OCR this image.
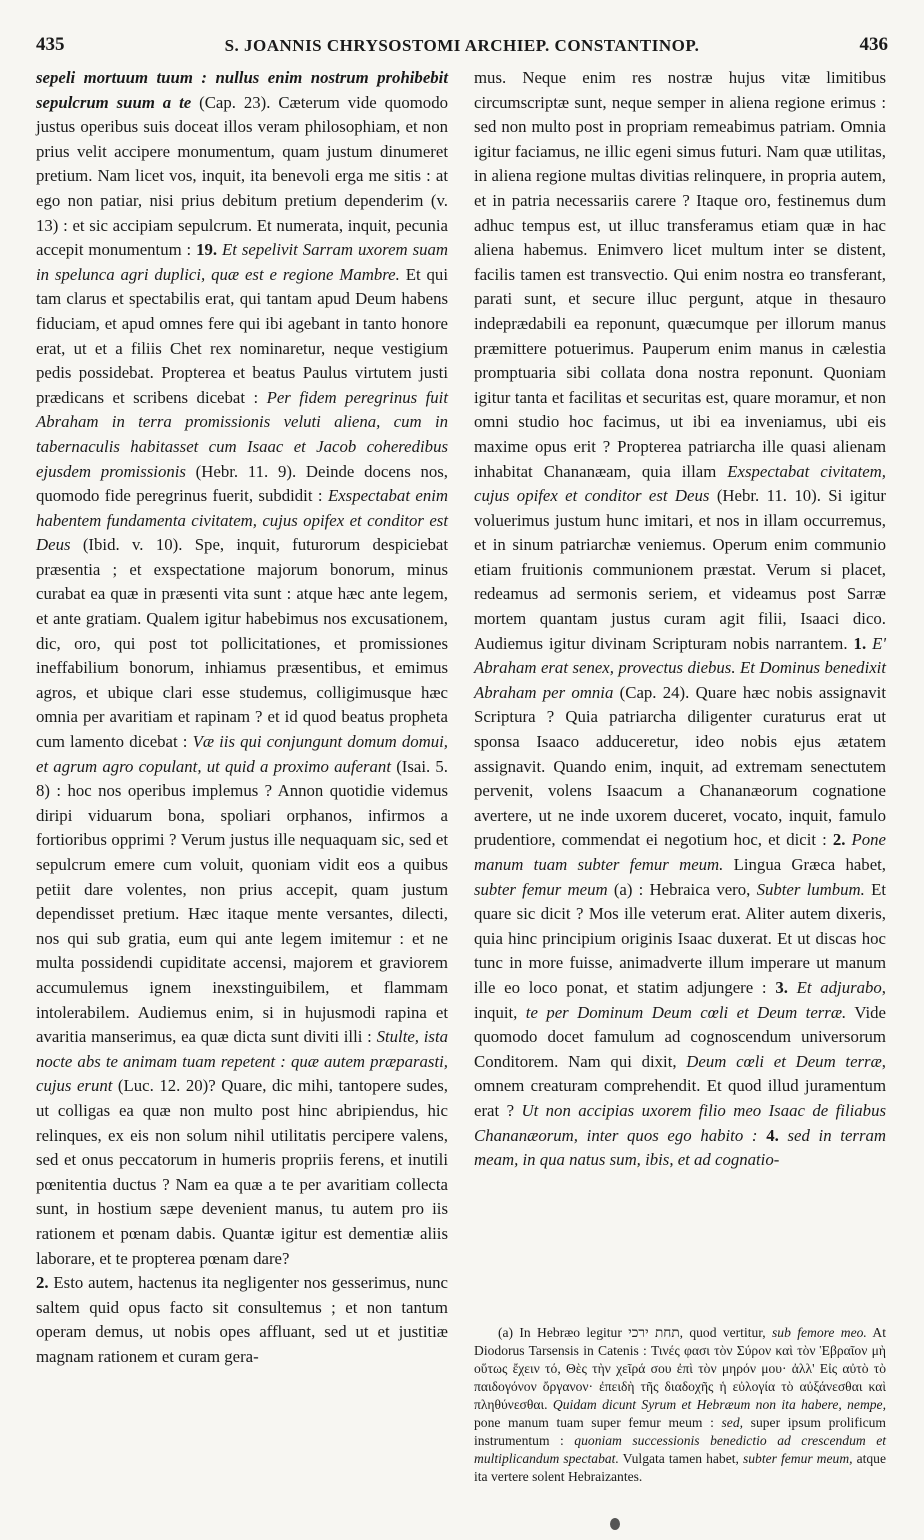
435	S. JOANNIS CHRYSOSTOMI ARCHIEP. CONSTANTINOP.	436

sepeli mortuum tuum : nullus enim nostrum prohibebit sepulcrum suum a te (Cap. 23). Cæterum vide quomodo justus operibus suis doceat illos veram philosophiam, et non prius velit accipere monumentum, quam justum dinumeret pretium. Nam licet vos, inquit, ita benevoli erga me sitis : at ego non patiar, nisi prius debitum pretium dependerim (v. 13) : et sic accipiam sepulcrum. Et numerata, inquit, pecunia accepit monumentum : 19. Et sepelivit Sarram uxorem suam in spelunca agri duplici, quæ est e regione Mambre. Et qui tam clarus et spectabilis erat, qui tantam apud Deum habens fiduciam, et apud omnes fere qui ibi agebant in tanto honore erat, ut et a filiis Chet rex nominaretur, neque vestigium pedis possidebat. Propterea et beatus Paulus virtutem justi prædicans et scribens dicebat : Per fidem peregrinus fuit Abraham in terra promissionis veluti aliena, cum in tabernaculis habitasset cum Isaac et Jacob coheredibus ejusdem promissionis (Hebr. 11. 9). Deinde docens nos, quomodo fide peregrinus fuerit, subdidit : Exspectabat enim habentem fundamenta civitatem, cujus opifex et conditor est Deus (Ibid. v. 10). Spe, inquit, futurorum despiciebat præsentia ; et exspectatione majorum bonorum, minus curabat ea quæ in præsenti vita sunt : atque hæc ante legem, et ante gratiam. Qualem igitur habebimus nos excusationem, dic, oro, qui post tot pollicitationes, et promissiones ineffabilium bonorum, inhiamus præsentibus, et emimus agros, et ubique clari esse studemus, colligimusque hæc omnia per avaritiam et rapinam ? et id quod beatus propheta cum lamento dicebat : Væ iis qui conjungunt domum domui, et agrum agro copulant, ut quid a proximo auferant (Isai. 5. 8) : hoc nos operibus implemus ? Annon quotidie videmus diripi viduarum bona, spoliari orphanos, infirmos a fortioribus opprimi ? Verum justus ille nequaquam sic, sed et sepulcrum emere cum voluit, quoniam vidit eos a quibus petiit dare volentes, non prius accepit, quam justum dependisset pretium. Hæc itaque mente versantes, dilecti, nos qui sub gratia, eum qui ante legem imitemur : et ne multa possidendi cupiditate accensi, majorem et graviorem accumulemus ignem inexstinguibilem, et flammam intolerabilem. Audiemus enim, si in hujusmodi rapina et avaritia manserimus, ea quæ dicta sunt diviti illi : Stulte, ista nocte abs te animam tuam repetent : quæ autem præparasti, cujus erunt (Luc. 12. 20)? Quare, dic mihi, tantopere sudes, ut colligas ea quæ non multo post hinc abripiendus, hic relinques, ex eis non solum nihil utilitatis percipere valens, sed et onus peccatorum in humeris propriis ferens, et inutili pœnitentia ductus ? Nam ea quæ a te per avaritiam collecta sunt, in hostium sæpe devenient manus, tu autem pro iis rationem et pœnam dabis. Quantæ igitur est dementiæ aliis laborare, et te propterea pœnam dare?

2. Esto autem, hactenus ita negligenter nos gesserimus, nunc saltem quid opus facto sit consultemus ; et non tantum operam demus, ut nobis opes affluant, sed ut et justitiæ magnam rationem et curam gera-

mus. Neque enim res nostræ hujus vitæ limitibus circumscriptæ sunt, neque semper in aliena regione erimus : sed non multo post in propriam remeabimus patriam. Omnia igitur faciamus, ne illic egeni simus futuri. Nam quæ utilitas, in aliena regione multas divitias relinquere, in propria autem, et in patria necessariis carere ? Itaque oro, festinemus dum adhuc tempus est, ut illuc transferamus etiam quæ in hac aliena habemus. Enimvero licet multum inter se distent, facilis tamen est transvectio. Qui enim nostra eo transferant, parati sunt, et secure illuc pergunt, atque in thesauro indeprædabili ea reponunt, quæcumque per illorum manus præmittere potuerimus. Pauperum enim manus in cælestia promptuaria sibi collata dona nostra reponunt. Quoniam igitur tanta et facilitas et securitas est, quare moramur, et non omni studio hoc facimus, ut ibi ea inveniamus, ubi eis maxime opus erit ? Propterea patriarcha ille quasi alienam inhabitat Chananæam, quia illam Exspectabat civitatem, cujus opifex et conditor est Deus (Hebr. 11. 10). Si igitur voluerimus justum hunc imitari, et nos in illam occurremus, et in sinum patriarchæ veniemus. Operum enim communio etiam fruitionis communionem præstat. Verum si placet, redeamus ad sermonis seriem, et videamus post Sarræ mortem quantam justus curam agit filii, Isaaci dico. Audiemus igitur divinam Scripturam nobis narrantem. 1. E' Abraham erat senex, provectus diebus. Et Dominus benedixit Abraham per omnia (Cap. 24). Quare hæc nobis assignavit Scriptura ? Quia patriarcha diligenter curaturus erat ut sponsa Isaaco adduceretur, ideo nobis ejus ætatem assignavit. Quando enim, inquit, ad extremam senectutem pervenit, volens Isaacum a Chananæorum cognatione avertere, ut ne inde uxorem duceret, vocato, inquit, famulo prudentiore, commendat ei negotium hoc, et dicit : 2. Pone manum tuam subter femur meum. Lingua Græca habet, subter femur meum (a) : Hebraica vero, Subter lumbum. Et quare sic dicit ? Mos ille veterum erat. Aliter autem dixeris, quia hinc principium originis Isaac duxerat. Et ut discas hoc tunc in more fuisse, animadverte illum imperare ut manum ille eo loco ponat, et statim adjungere : 3. Et adjurabo, inquit, te per Dominum Deum cœli et Deum terræ. Vide quomodo docet famulum ad cognoscendum universorum Conditorem. Nam qui dixit, Deum cœli et Deum terræ, omnem creaturam comprehendit. Et quod illud juramentum erat ? Ut non accipias uxorem filio meo Isaac de filiabus Chananæorum, inter quos ego habito : 4. sed in terram meam, in qua natus sum, ibis, et ad cognatio-

(a) In Hebræo legitur תחת ירכי, quod vertitur, sub femore meo. At Diodorus Tarsensis in Catenis : Τινές φασι τὸν Σύρον καὶ τὸν Ἑβραῖον μὴ οὕτως ἔχειν τό, Θὲς τὴν χεῖρά σου ἐπὶ τὸν μηρόν μου· ἀλλ' Εἰς αὐτὸ τὸ παιδογόνον ὄργανον· ἐπειδὴ τῆς διαδοχῆς ἡ εὐλογία τὸ αὐξάνεσθαι καὶ πληθύνεσθαι. Quidam dicunt Syrum et Hebræum non ita habere, nempe, pone manum tuam super femur meum : sed, super ipsum prolificum instrumentum : quoniam successionis benedictio ad crescendum et multiplicandum spectabat. Vulgata tamen habet, subter femur meum, atque ita vertere solent Hebraizantes.
